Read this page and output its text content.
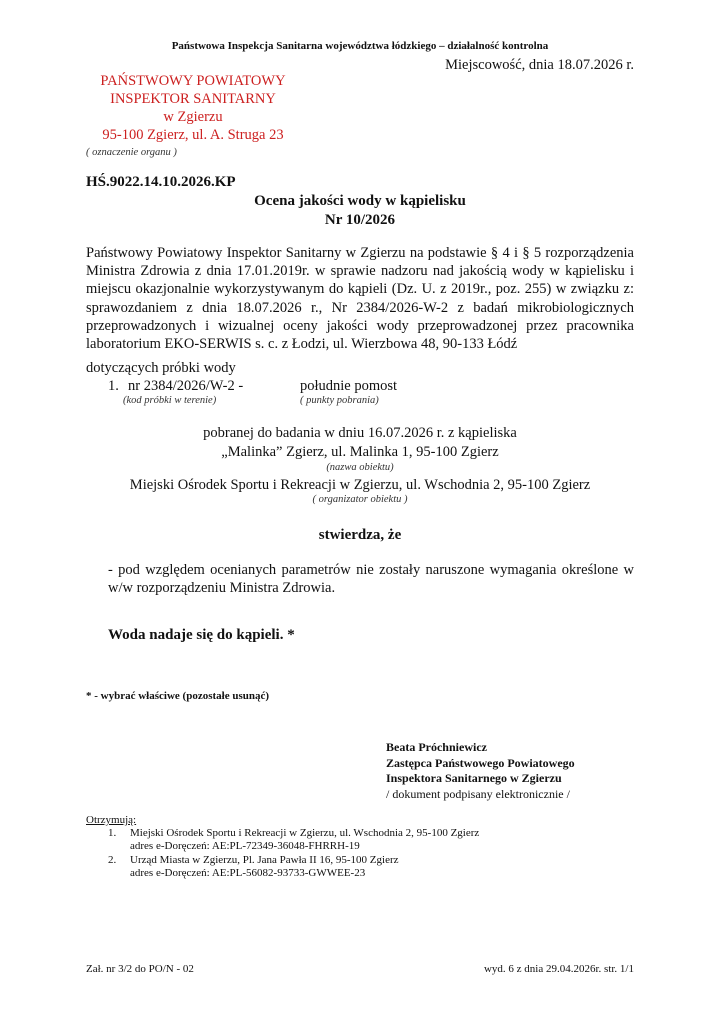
Państwowa Inspekcja Sanitarna województwa łódzkiego – działalność kontrolna
Miejscowość, dnia 18.07.2026 r.
PAŃSTWOWY POWIATOWY
INSPEKTOR SANITARNY
w Zgierzu
95-100 Zgierz, ul. A. Struga 23
( oznaczenie organu )
HŚ.9022.14.10.2026.KP
Ocena jakości wody w kąpielisku
Nr 10/2026
Państwowy Powiatowy Inspektor Sanitarny w Zgierzu na podstawie § 4 i § 5 rozporządzenia Ministra Zdrowia z dnia 17.01.2019r. w sprawie nadzoru nad jakością wody w kąpielisku i miejscu okazjonalnie wykorzystywanym do kąpieli (Dz. U. z 2019r., poz. 255) w związku z: sprawozdaniem z dnia 18.07.2026 r., Nr 2384/2026-W-2 z badań mikrobiologicznych przeprowadzonych i wizualnej oceny jakości wody przeprowadzonej przez pracownika laboratorium EKO-SERWIS s. c. z Łodzi, ul. Wierzbowa 48, 90-133 Łódź
dotyczących próbki wody
1. nr 2384/2026/W-2 -	południe pomost
(kod próbki w terenie)	( punkty pobrania)
pobranej do badania w dniu 16.07.2026 r. z kąpieliska
„Malinka” Zgierz, ul. Malinka 1, 95-100 Zgierz
(nazwa obiektu)
Miejski Ośrodek Sportu i Rekreacji w Zgierzu, ul. Wschodnia 2, 95-100 Zgierz
( organizator obiektu )
stwierdza, że
- pod względem ocenianych parametrów nie zostały naruszone wymagania określone w w/w rozporządzeniu Ministra Zdrowia.
Woda nadaje się do kąpieli. *
* - wybrać właściwe (pozostałe usunąć)
Beata Próchniewicz
Zastępca Państwowego Powiatowego
Inspektora Sanitarnego w Zgierzu
/ dokument podpisany elektronicznie /
Otrzymują:
1. Miejski Ośrodek Sportu i Rekreacji w Zgierzu, ul. Wschodnia 2, 95-100 Zgierz
adres e-Doręczeń: AE:PL-72349-36048-FHRRH-19
2. Urząd Miasta w Zgierzu, Pl. Jana Pawła II 16, 95-100 Zgierz
adres e-Doręczeń: AE:PL-56082-93733-GWWEE-23
Zał. nr 3/2 do PO/N - 02	wyd. 6 z dnia 29.04.2026r. str. 1/1
